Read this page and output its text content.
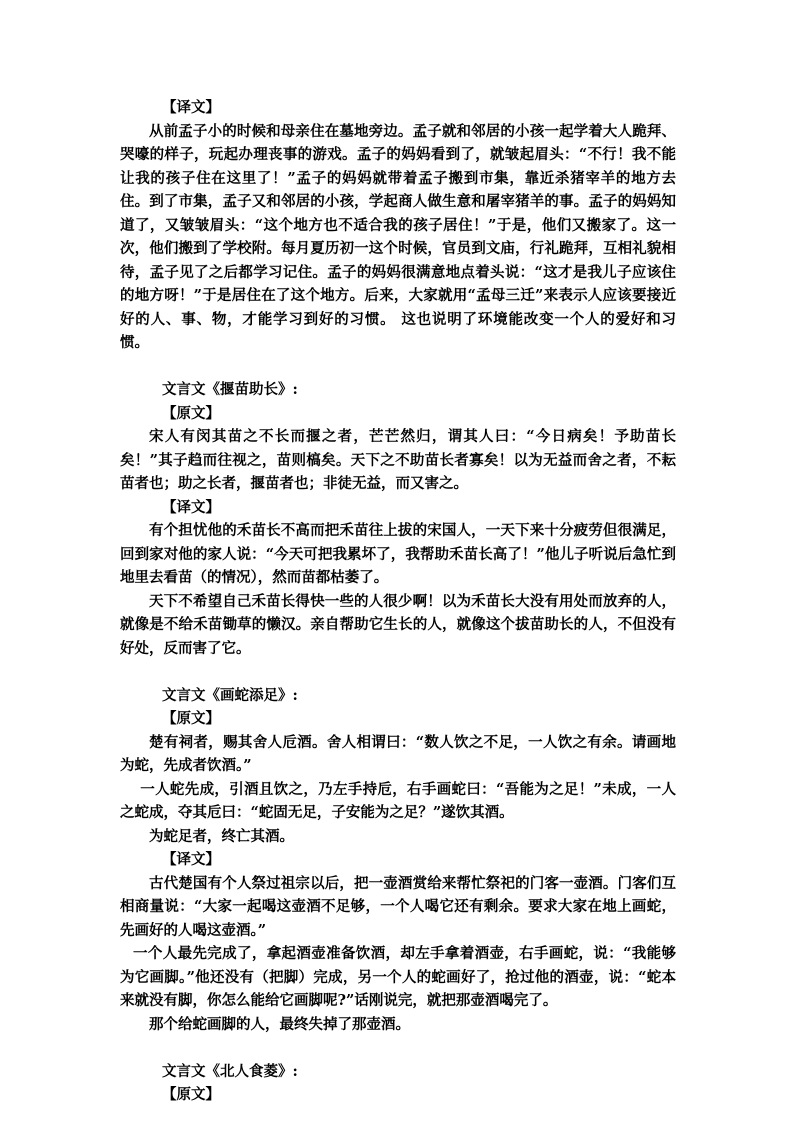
【译文】

从前孟子小的时候和母亲住在墓地旁边。孟子就和邻居的小孩一起学着大人跪拜、哭嚎的样子，玩起办理丧事的游戏。孟子的妈妈看到了，就皱起眉头：“不行！我不能让我的孩子住在这里了！”孟子的妈妈就带着孟子搬到市集，靠近杀猪宰羊的地方去住。到了市集，孟子又和邻居的小孩，学起商人做生意和屠宰猪羊的事。孟子的妈妈知道了，又皱皱眉头：“这个地方也不适合我的孩子居住！”于是，他们又搬家了。这一次，他们搬到了学校附。每月夏历初一这个时候，官员到文庙，行礼跪拜，互相礼貌相待，孟子见了之后都学习记住。孟子的妈妈很满意地点着头说：“这才是我儿子应该住的地方呀！”于是居住在了这个地方。后来，大家就用“孟母三迁”来表示人应该要接近好的人、事、物，才能学习到好的习惯。 这也说明了环境能改变一个人的爱好和习惯。

文言文《揠苗助长》:
【原文】

宋人有闵其苗之不长而揠之者，芒芒然归，谓其人曰：“今日病矣！予助苗长矣！”其子趋而往视之，苗则槁矣。天下之不助苗长者寡矣！以为无益而舍之者，不耘苗者也；助之长者，揠苗者也；非徒无益，而又害之。

【译文】

有个担忧他的禾苗长不高而把禾苗往上拔的宋国人，一天下来十分疲劳但很满足，回到家对他的家人说：“今天可把我累坏了，我帮助禾苗长高了！”他儿子听说后急忙到地里去看苗（的情况），然而苗都枯萎了。

天下不希望自己禾苗长得快一些的人很少啊！以为禾苗长大没有用处而放弃的人，就像是不给禾苗锄草的懒汉。亲自帮助它生长的人，就像这个拔苗助长的人，不但没有好处，反而害了它。

文言文《画蛇添足》:
【原文】

楚有祠者，赐其舍人卮酒。舍人相谓曰：“数人饮之不足，一人饮之有余。请画地为蛇，先成者饮酒。”

一人蛇先成，引酒且饮之，乃左手持卮，右手画蛇曰：“吾能为之足！”未成，一人之蛇成，夺其卮曰：“蛇固无足，子安能为之足？”遂饮其酒。

为蛇足者，终亡其酒。

【译文】

古代楚国有个人祭过祖宗以后，把一壶酒赏给来帮忙祭祀的门客一壶酒。门客们互相商量说：“大家一起喝这壶酒不足够，一个人喝它还有剩余。要求大家在地上画蛇，先画好的人喝这壶酒。”

一个人最先完成了，拿起酒壶准备饮酒，却左手拿着酒壶，右手画蛇，说：“我能够为它画脚。”他还没有（把脚）完成，另一个人的蛇画好了，抢过他的酒壶，说：“蛇本来就没有脚，你怎么能给它画脚呢?”话刚说完，就把那壶酒喝完了。

那个给蛇画脚的人，最终失掉了那壶酒。

文言文《北人食菱》:
【原文】
